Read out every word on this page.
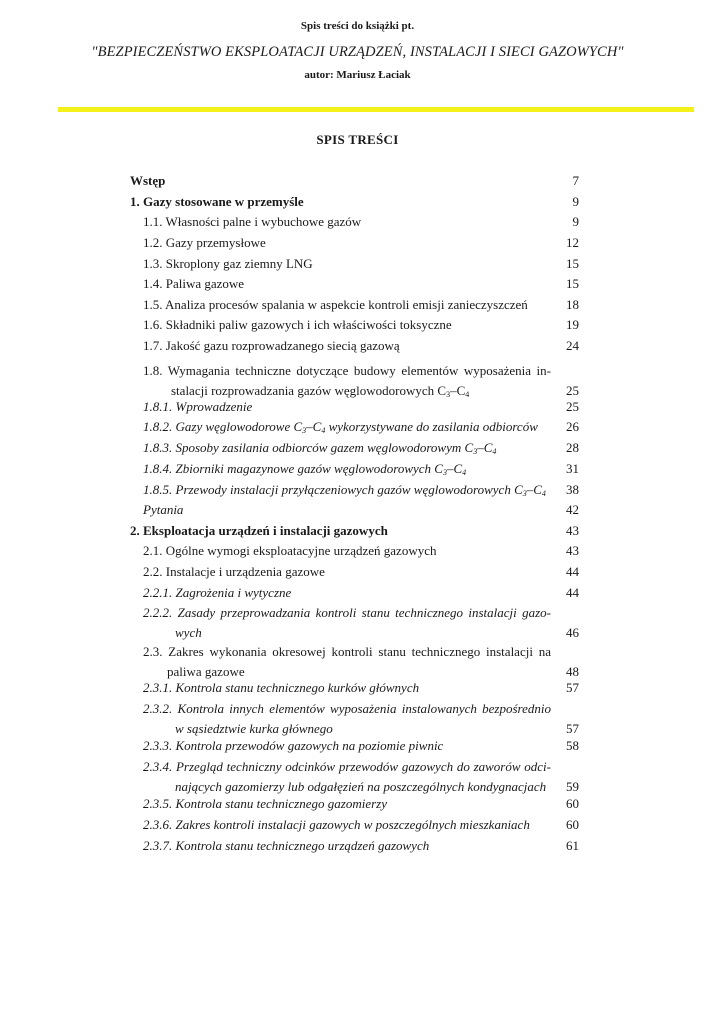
Spis treści do książki pt.
"BEZPIECZEŃSTWO EKSPLOATACJI URZĄDZEŃ, INSTALACJI I SIECI GAZOWYCH"
autor: Mariusz Łaciak
SPIS TREŚCI
Wstęp	7
1. Gazy stosowane w przemyśle	9
1.1. Własności palne i wybuchowe gazów	9
1.2. Gazy przemysłowe	12
1.3. Skroplony gaz ziemny LNG	15
1.4. Paliwa gazowe	15
1.5. Analiza procesów spalania w aspekcie kontroli emisji zanieczyszczeń	18
1.6. Składniki paliw gazowych i ich właściwości toksyczne	19
1.7. Jakość gazu rozprowadzanego siecią gazową	24
1.8. Wymagania techniczne dotyczące budowy elementów wyposażenia in-
stalacji rozprowadzania gazów węglowodorowych $C_3-C_4$	25
1.8.1. Wprowadzenie	25
1.8.2. Gazy węglowodorowe $C_3-C_4$ wykorzystywane do zasilania odbiorców 26
1.8.3. Sposoby zasilania odbiorców gazem węglowodorowym $C_3-C_4$	28
1.8.4. Zbiorniki magazynowe gazów węglowodorowych $C_3-C_4$	31
1.8.5. Przewody instalacji przyłączeniowych gazów węglowodorowych $C_3-C_4$ 38
Pytania	42
2. Eksploatacja urządzeń i instalacji gazowych	43
2.1. Ogólne wymogi eksploatacyjne urządzeń gazowych	43
2.2. Instalacje i urządzenia gazowe	44
2.2.1. Zagrożenia i wytyczne	44
2.2.2. Zasady przeprowadzania kontroli stanu technicznego instalacji gazo-
wych	46
2.3. Zakres wykonania okresowej kontroli stanu technicznego instalacji na
paliwa gazowe	48
2.3.1. Kontrola stanu technicznego kurków głównych	57
2.3.2. Kontrola innych elementów wyposażenia instalowanych bezpośrednio
w sąsiedztwie kurka głównego	57
2.3.3. Kontrola przewodów gazowych na poziomie piwnic	58
2.3.4. Przegląd techniczny odcinków przewodów gazowych do zaworów odci-
nających gazomierzy lub odgałęzień na poszczególnych kondygnacjach	59
2.3.5. Kontrola stanu technicznego gazomierzy	60
2.3.6. Zakres kontroli instalacji gazowych w poszczególnych mieszkaniach	60
2.3.7. Kontrola stanu technicznego urządzeń gazowych	61
